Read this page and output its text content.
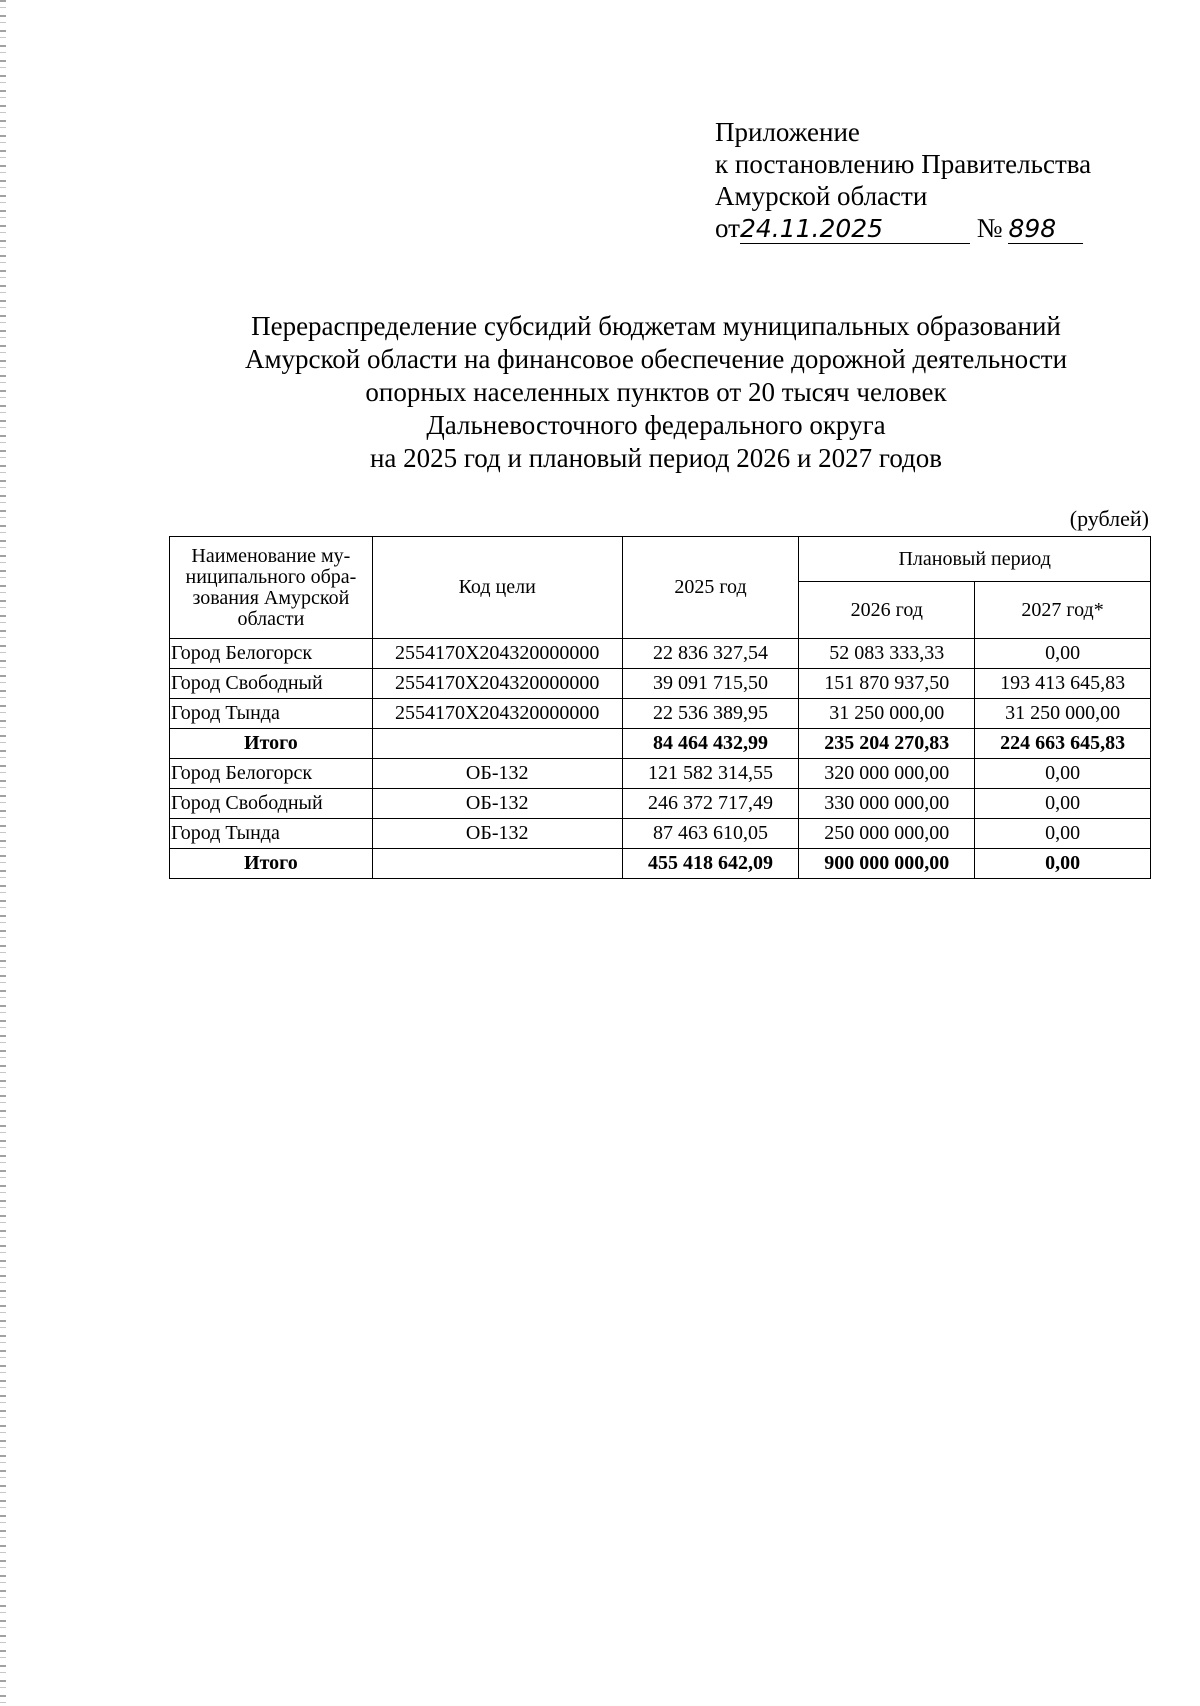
Приложение
к постановлению Правительства
Амурской области
от24.11.2025	№ 898
Перераспределение субсидий бюджетам муниципальных образований
Амурской области на финансовое обеспечение дорожной деятельности
опорных населенных пунктов от 20 тысяч человек
Дальневосточного федерального округа
на 2025 год и плановый период 2026 и 2027 годов
(рублей)
Наименование му-
ниципального обра-
зования Амурской
области	Код цели	2025 год	Плановый период	
			2026 год	2027 год*
Город Белогорск	2554170X204320000000	22 836 327,54	52 083 333,33	0,00
Город Свободный	2554170X204320000000	39 091 715,50	151 870 937,50	193 413 645,83
Город Тында	2554170X204320000000	22 536 389,95	31 250 000,00	31 250 000,00
Итого		84 464 432,99	235 204 270,83	224 663 645,83
Город Белогорск	ОБ-132	121 582 314,55	320 000 000,00	0,00
Город Свободный	ОБ-132	246 372 717,49	330 000 000,00	0,00
Город Тында	ОБ-132	87 463 610,05	250 000 000,00	0,00
Итого		455 418 642,09	900 000 000,00	0,00
